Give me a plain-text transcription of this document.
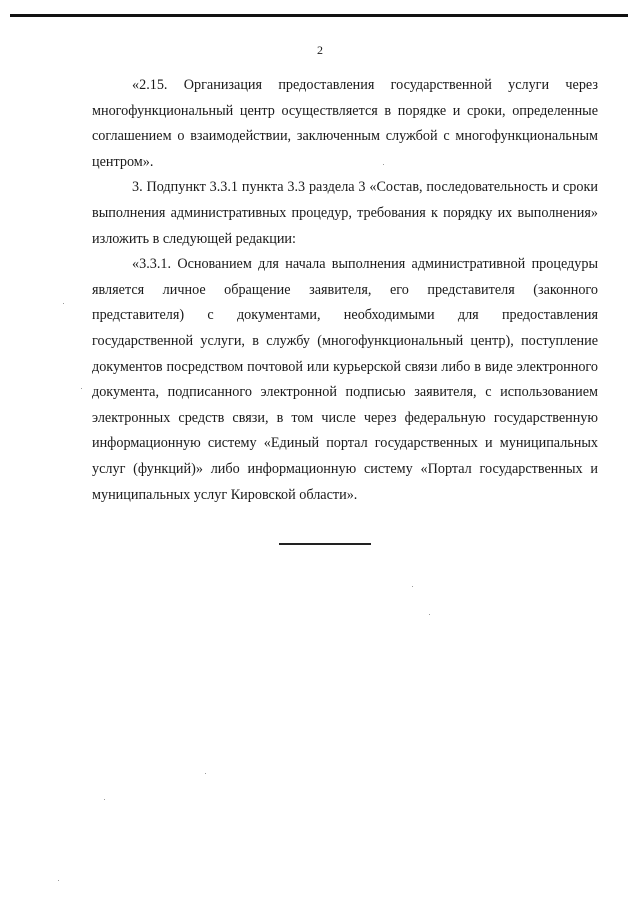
2

«2.15. Организация предоставления государственной услуги через многофункциональный центр осуществляется в порядке и сроки, определенные соглашением о взаимодействии, заключенным службой с многофункциональным центром».

3. Подпункт 3.3.1 пункта 3.3 раздела 3 «Состав, последовательность и сроки выполнения административных процедур, требования к порядку их выполнения» изложить в следующей редакции:

«3.3.1. Основанием для начала выполнения административной процедуры является личное обращение заявителя, его представителя (законного представителя) с документами, необходимыми для предоставления государственной услуги, в службу (многофункциональный центр), поступление документов посредством почтовой или курьерской связи либо в виде электронного документа, подписанного электронной подписью заявителя, с использованием электронных средств связи, в том числе через федеральную государственную информационную систему «Единый портал государственных и муниципальных услуг (функций)» либо информационную систему «Портал государственных и муниципальных услуг Кировской области».
